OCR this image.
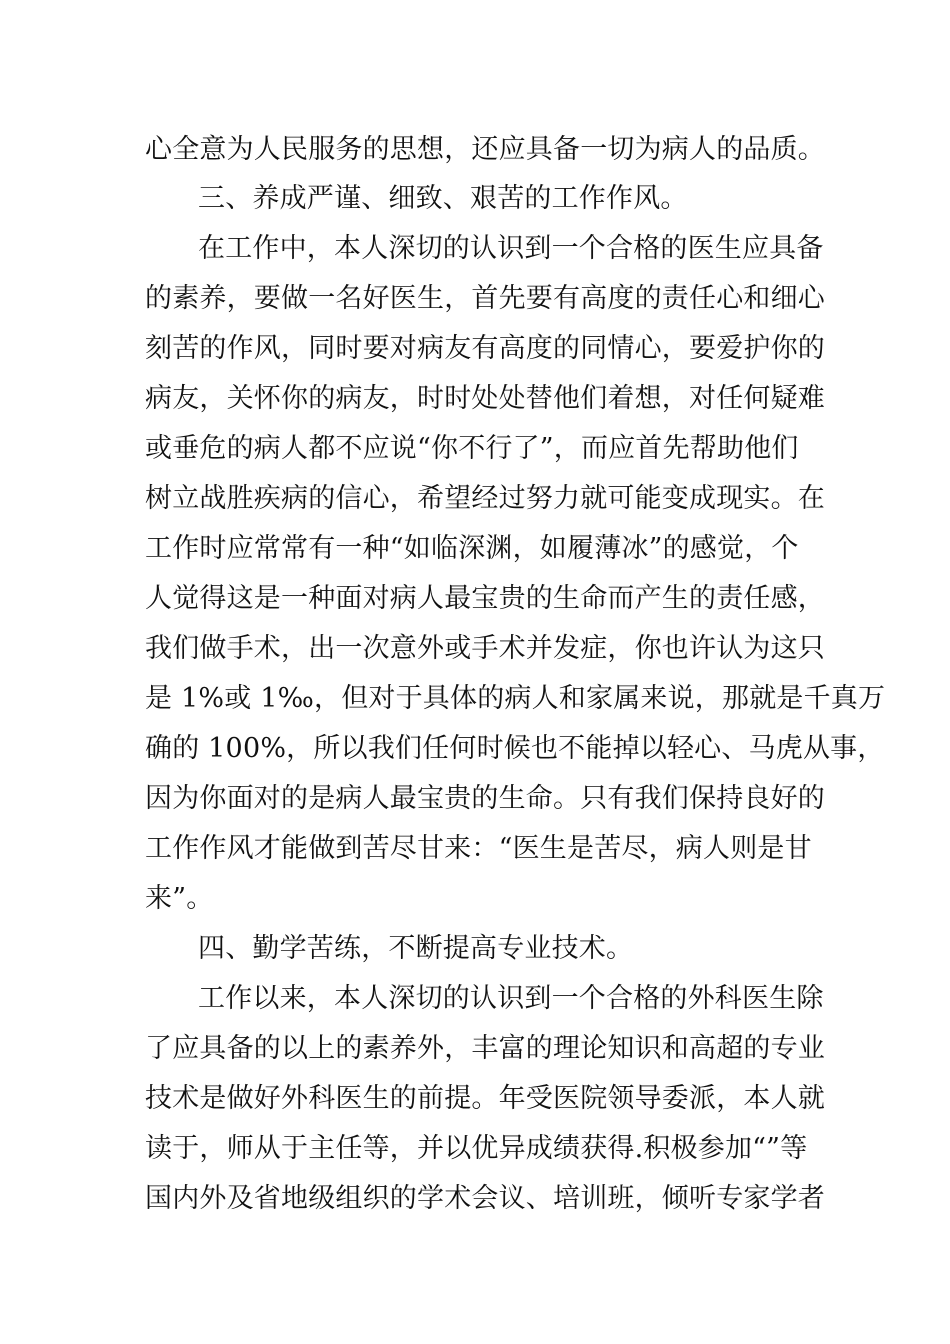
心全意为人民服务的思想，还应具备一切为病人的品质。
三、养成严谨、细致、艰苦的工作作风。
在工作中，本人深切的认识到一个合格的医生应具备
的素养，要做一名好医生，首先要有高度的责任心和细心
刻苦的作风，同时要对病友有高度的同情心，要爱护你的
病友，关怀你的病友，时时处处替他们着想，对任何疑难
或垂危的病人都不应说“你不行了”，而应首先帮助他们
树立战胜疾病的信心，希望经过努力就可能变成现实。在
工作时应常常有一种“如临深渊，如履薄冰”的感觉，个
人觉得这是一种面对病人最宝贵的生命而产生的责任感，
我们做手术，出一次意外或手术并发症，你也许认为这只
是 1%或 1‰，但对于具体的病人和家属来说，那就是千真万
确的 100%，所以我们任何时候也不能掉以轻心、马虎从事，
因为你面对的是病人最宝贵的生命。只有我们保持良好的
工作作风才能做到苦尽甘来：“医生是苦尽，病人则是甘
来”。
四、勤学苦练，不断提高专业技术。
工作以来，本人深切的认识到一个合格的外科医生除
了应具备的以上的素养外，丰富的理论知识和高超的专业
技术是做好外科医生的前提。年受医院领导委派，本人就
读于，师从于主任等，并以优异成绩获得.积极参加“”等
国内外及省地级组织的学术会议、培训班，倾听专家学者
